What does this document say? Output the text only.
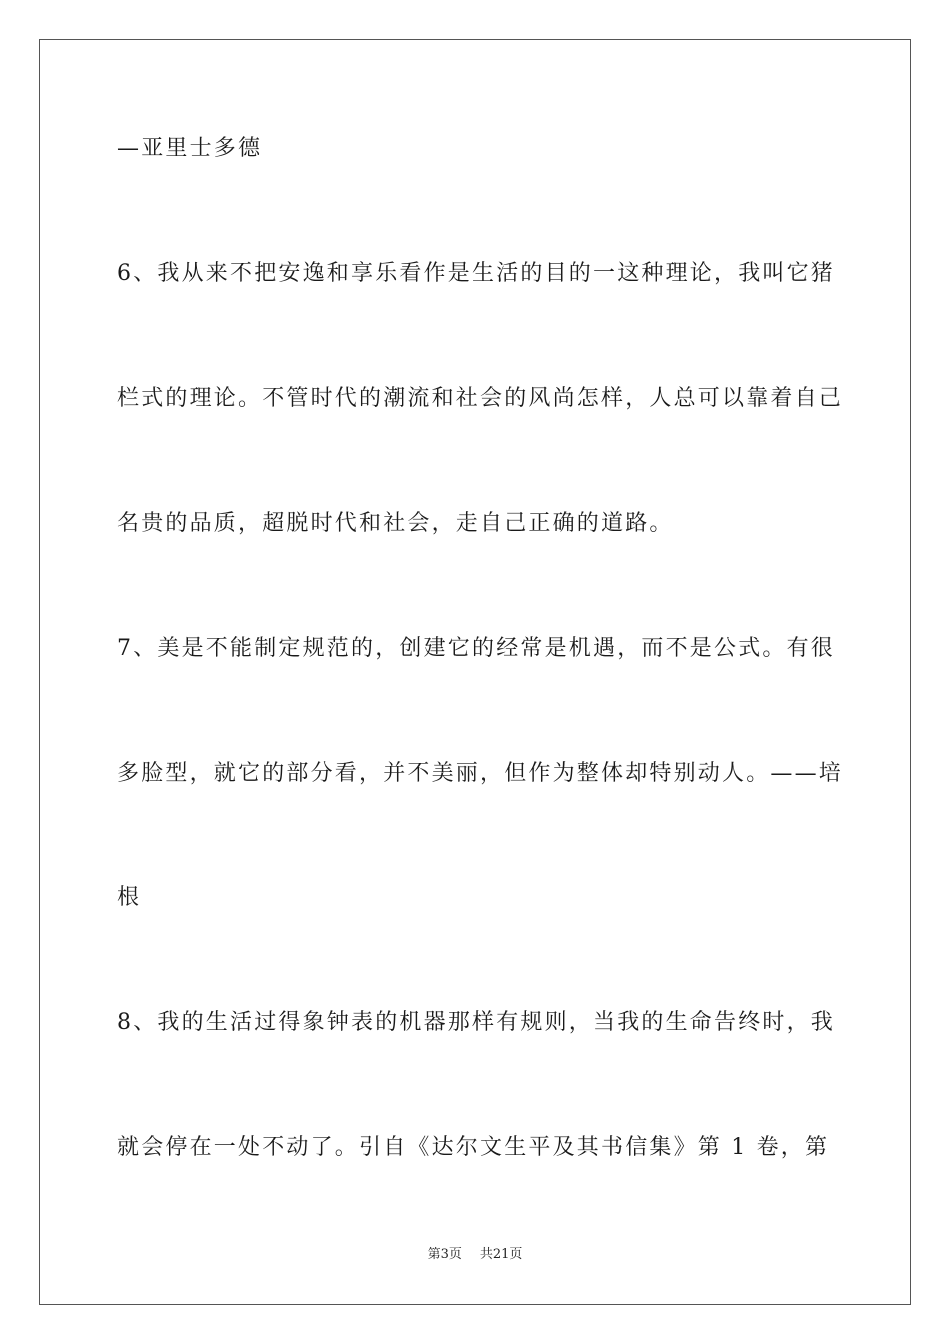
—亚里士多德
6、我从来不把安逸和享乐看作是生活的目的一这种理论，我叫它猪
栏式的理论。不管时代的潮流和社会的风尚怎样，人总可以靠着自己
名贵的品质，超脱时代和社会，走自己正确的道路。
7、美是不能制定规范的，创建它的经常是机遇，而不是公式。有很
多脸型，就它的部分看，并不美丽，但作为整体却特别动人。——培
根
8、我的生活过得象钟表的机器那样有规则，当我的生命告终时，我
就会停在一处不动了。引自《达尔文生平及其书信集》第 1 卷，第
第3页 共21页
